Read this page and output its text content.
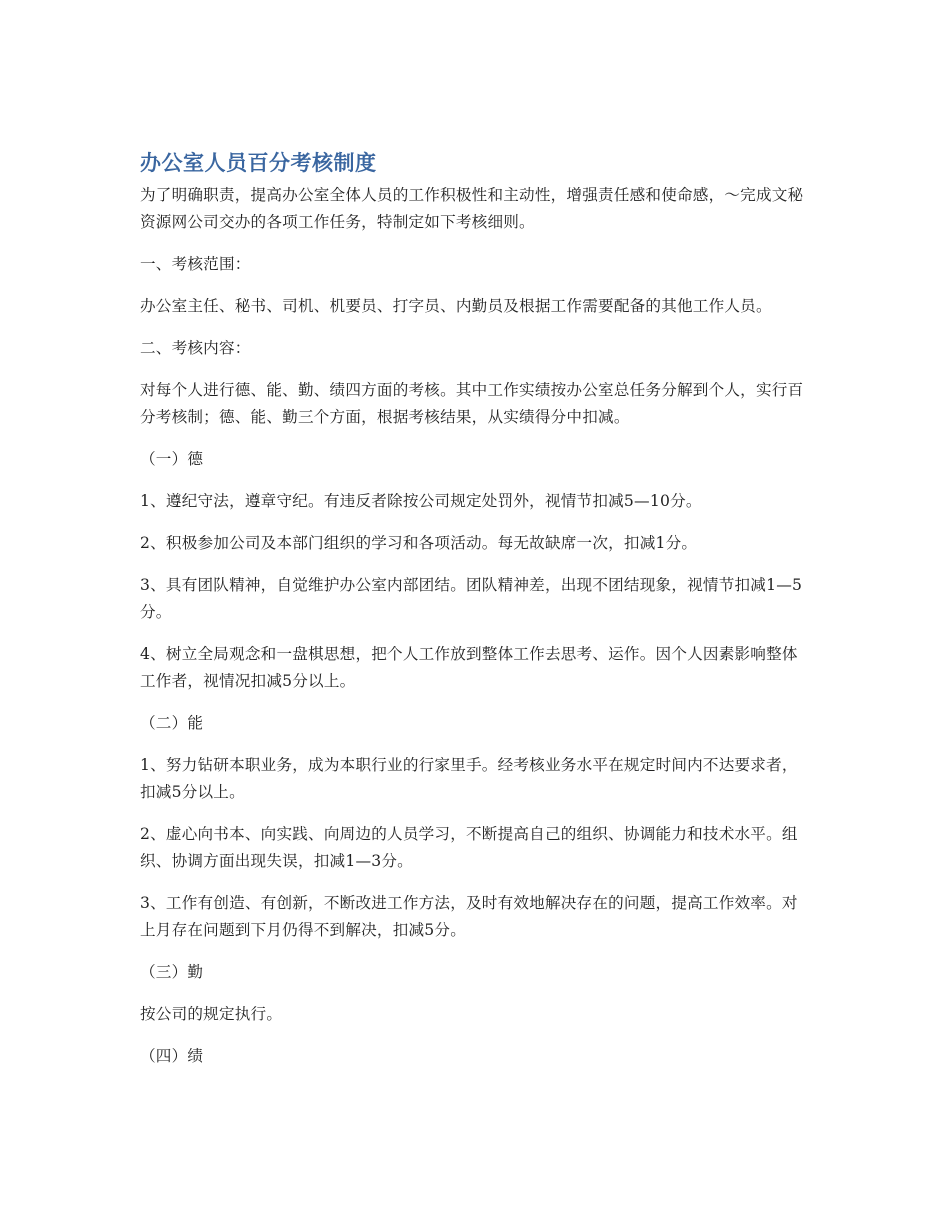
办公室人员百分考核制度

为了明确职责，提高办公室全体人员的工作积极性和主动性，增强责任感和使命感，～完成文秘资源网公司交办的各项工作任务，特制定如下考核细则。

一、考核范围：

办公室主任、秘书、司机、机要员、打字员、内勤员及根据工作需要配备的其他工作人员。

二、考核内容：

对每个人进行德、能、勤、绩四方面的考核。其中工作实绩按办公室总任务分解到个人，实行百分考核制；德、能、勤三个方面，根据考核结果，从实绩得分中扣减。

（一）德

1、遵纪守法，遵章守纪。有违反者除按公司规定处罚外，视情节扣减5—10分。

2、积极参加公司及本部门组织的学习和各项活动。每无故缺席一次，扣减1分。

3、具有团队精神，自觉维护办公室内部团结。团队精神差，出现不团结现象，视情节扣减1—5分。

4、树立全局观念和一盘棋思想，把个人工作放到整体工作去思考、运作。因个人因素影响整体工作者，视情况扣减5分以上。

（二）能

1、努力钻研本职业务，成为本职行业的行家里手。经考核业务水平在规定时间内不达要求者，扣减5分以上。

2、虚心向书本、向实践、向周边的人员学习，不断提高自己的组织、协调能力和技术水平。组织、协调方面出现失误，扣减1—3分。

3、工作有创造、有创新，不断改进工作方法，及时有效地解决存在的问题，提高工作效率。对上月存在问题到下月仍得不到解决，扣减5分。

（三）勤

按公司的规定执行。

（四）绩
